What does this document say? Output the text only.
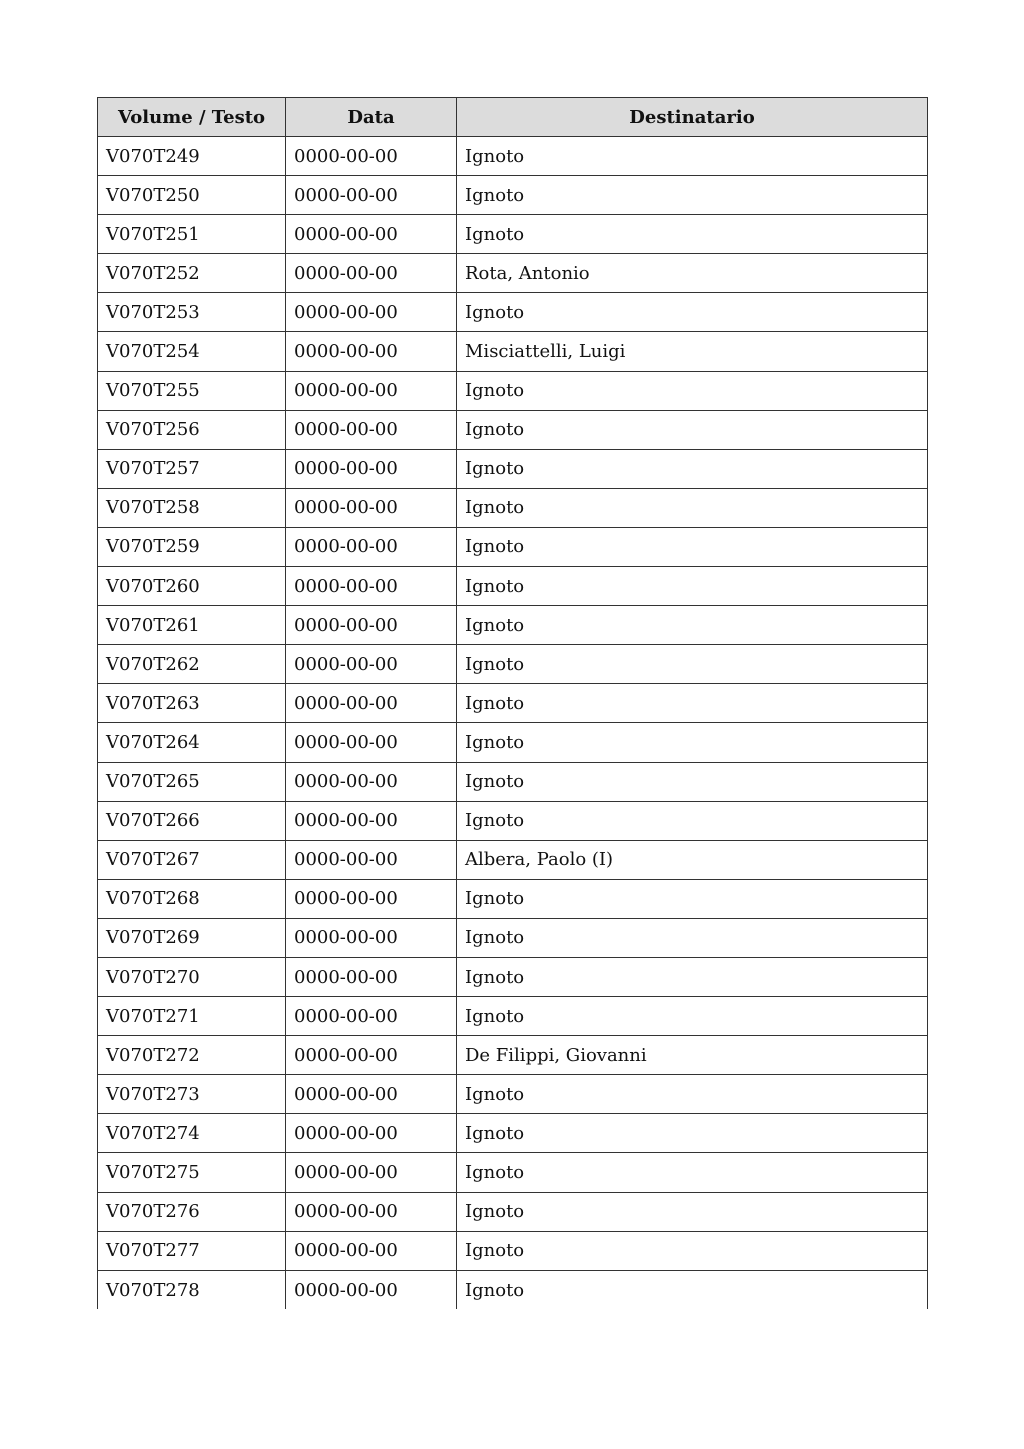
Volume / Testo	Data	Destinatario
V070T249	0000-00-00	Ignoto
V070T250	0000-00-00	Ignoto
V070T251	0000-00-00	Ignoto
V070T252	0000-00-00	Rota, Antonio
V070T253	0000-00-00	Ignoto
V070T254	0000-00-00	Misciattelli, Luigi
V070T255	0000-00-00	Ignoto
V070T256	0000-00-00	Ignoto
V070T257	0000-00-00	Ignoto
V070T258	0000-00-00	Ignoto
V070T259	0000-00-00	Ignoto
V070T260	0000-00-00	Ignoto
V070T261	0000-00-00	Ignoto
V070T262	0000-00-00	Ignoto
V070T263	0000-00-00	Ignoto
V070T264	0000-00-00	Ignoto
V070T265	0000-00-00	Ignoto
V070T266	0000-00-00	Ignoto
V070T267	0000-00-00	Albera, Paolo (I)
V070T268	0000-00-00	Ignoto
V070T269	0000-00-00	Ignoto
V070T270	0000-00-00	Ignoto
V070T271	0000-00-00	Ignoto
V070T272	0000-00-00	De Filippi, Giovanni
V070T273	0000-00-00	Ignoto
V070T274	0000-00-00	Ignoto
V070T275	0000-00-00	Ignoto
V070T276	0000-00-00	Ignoto
V070T277	0000-00-00	Ignoto
V070T278	0000-00-00	Ignoto
